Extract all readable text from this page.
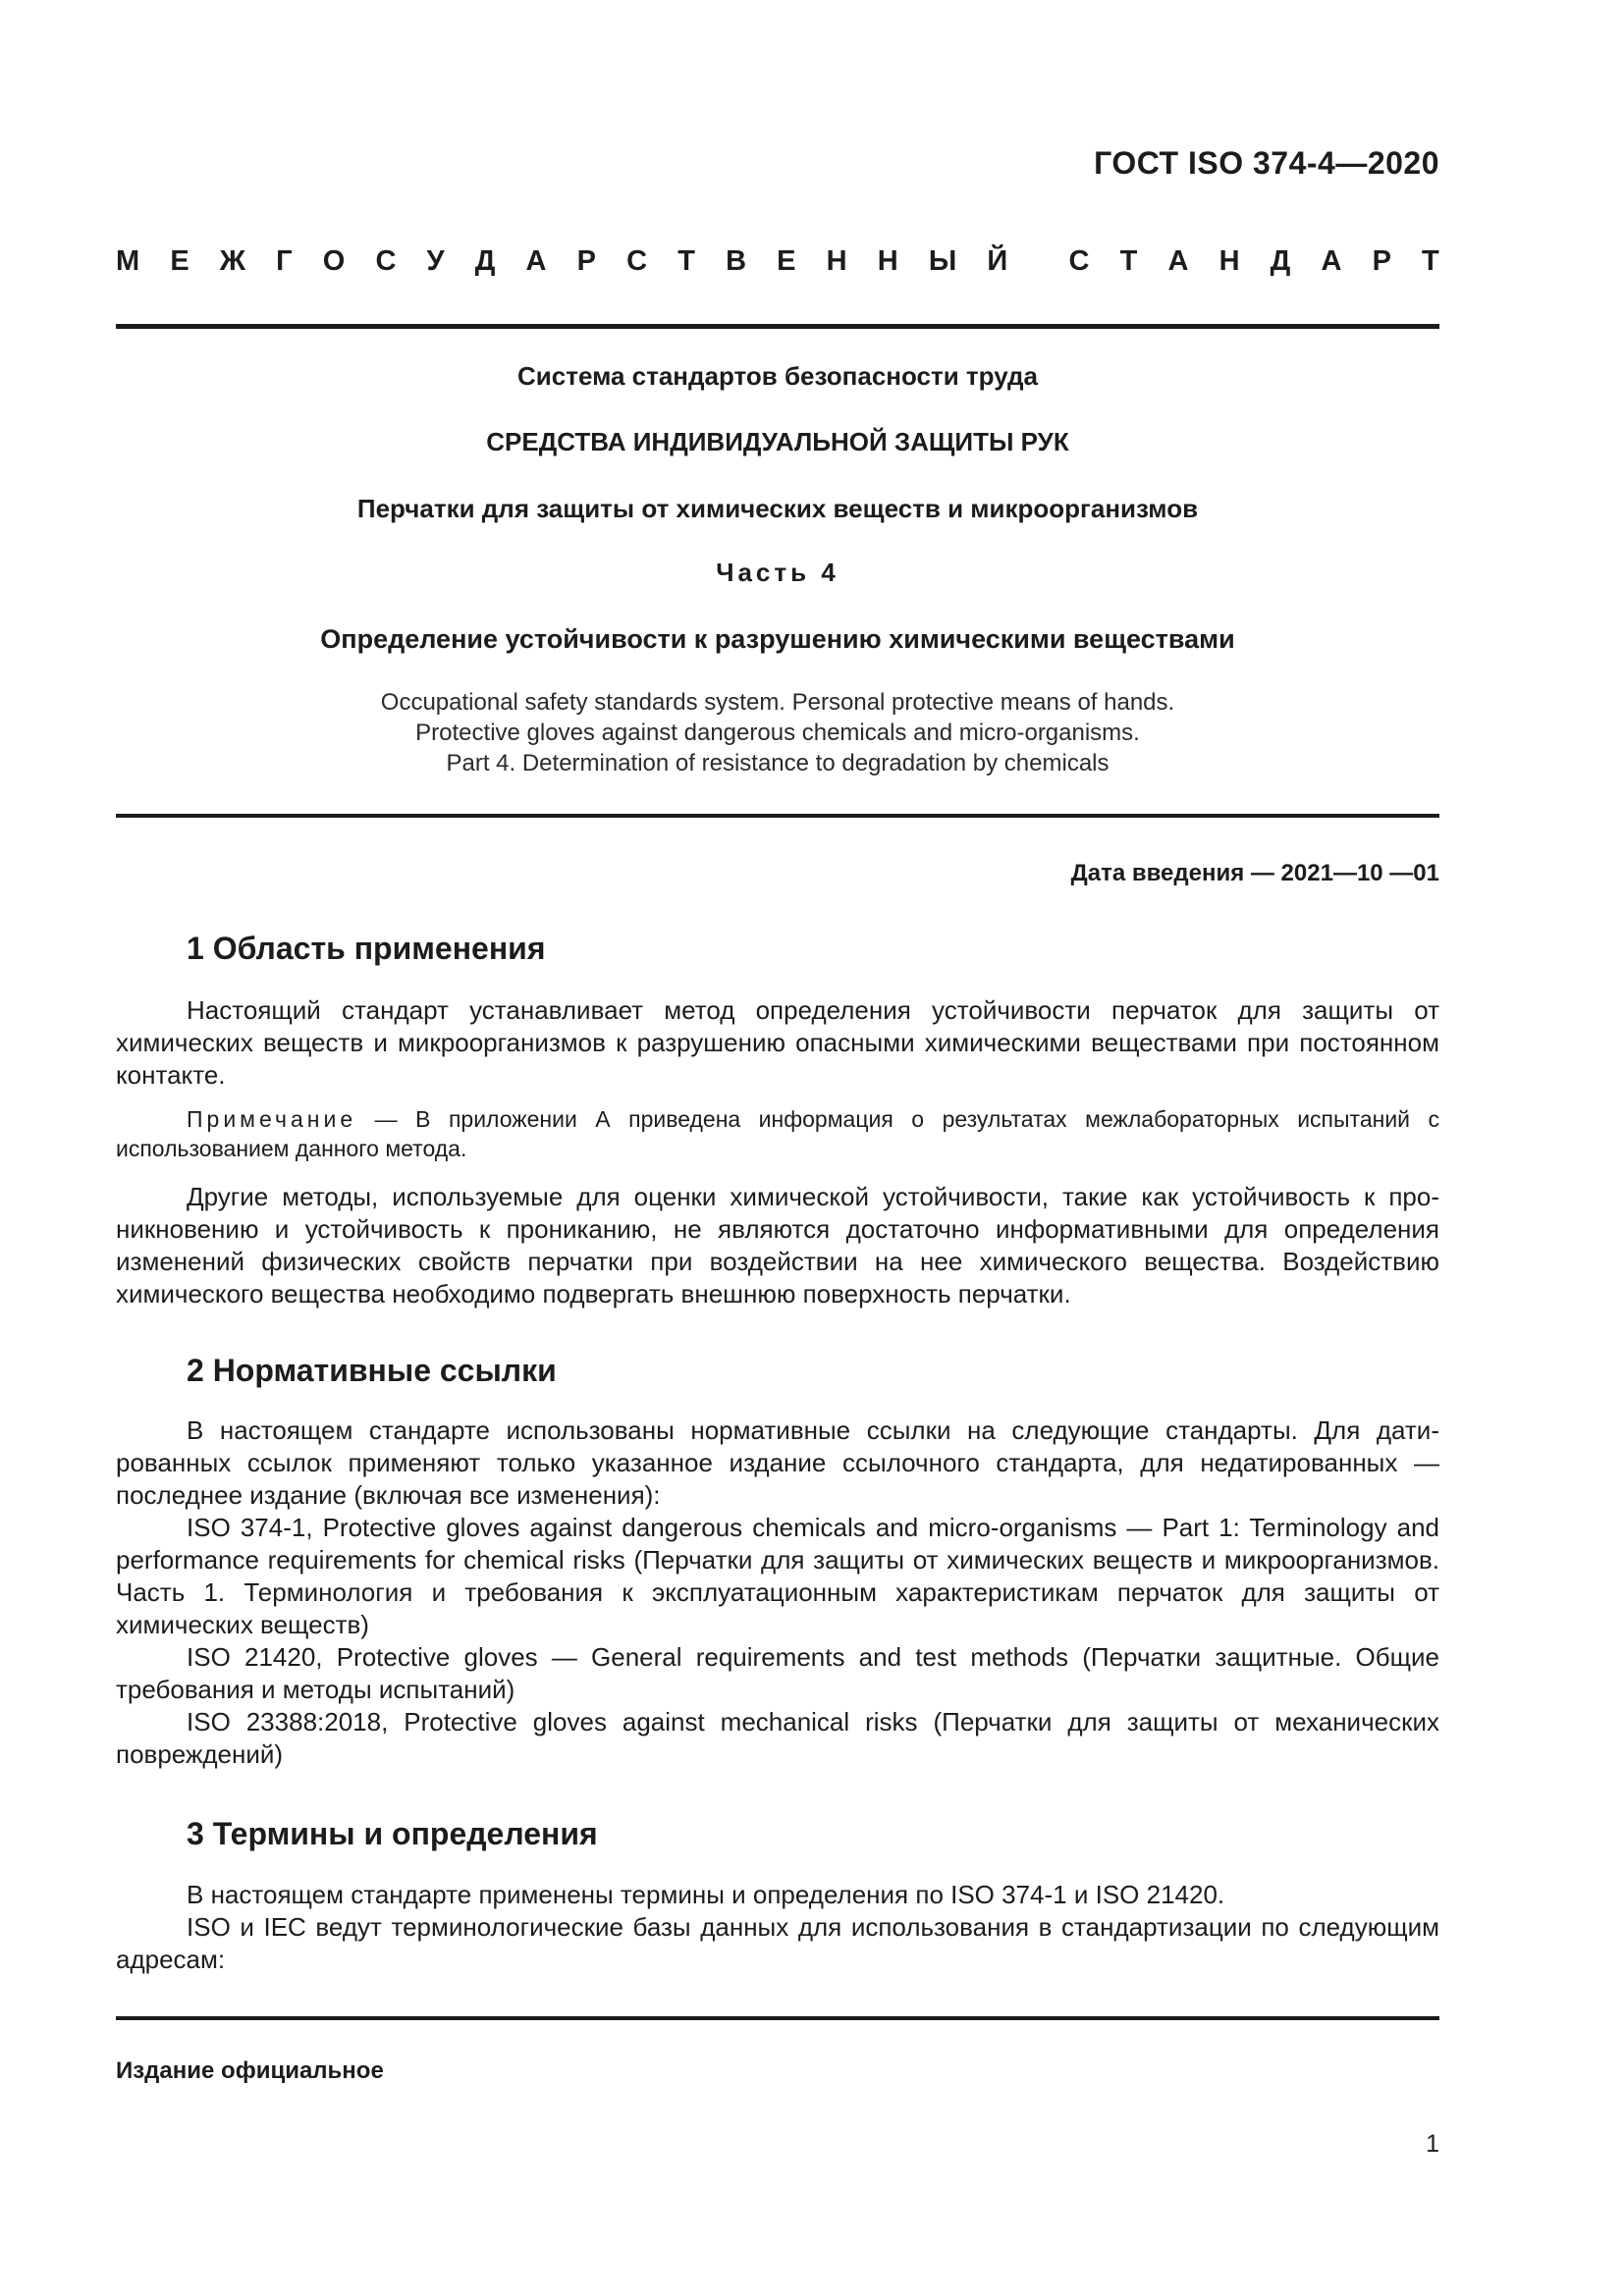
ГОСТ ISO 374-4—2020
М Е Ж Г О С У Д А Р С Т В Е Н Н Ы Й С Т А Н Д А Р Т
Система стандартов безопасности труда
СРЕДСТВА ИНДИВИДУАЛЬНОЙ ЗАЩИТЫ РУК
Перчатки для защиты от химических веществ и микроорганизмов
Часть 4
Определение устойчивости к разрушению химическими веществами
Occupational safety standards system. Personal protective means of hands.
Protective gloves against dangerous chemicals and micro-organisms.
Part 4. Determination of resistance to degradation by chemicals
Дата введения — 2021—10 —01
1 Область применения
Настоящий стандарт устанавливает метод определения устойчивости перчаток для защиты от химических веществ и микроорганизмов к разрушению опасными химическими веществами при постоянном контакте.
Примечание — В приложении А приведена информация о результатах межлабораторных испытаний с использованием данного метода.
Другие методы, используемые для оценки химической устойчивости, такие как устойчивость к проникновению и устойчивость к прониканию, не являются достаточно информативными для определения изменений физических свойств перчатки при воздействии на нее химического вещества. Воздействию химического вещества необходимо подвергать внешнюю поверхность перчатки.
2 Нормативные ссылки
В настоящем стандарте использованы нормативные ссылки на следующие стандарты. Для датированных ссылок применяют только указанное издание ссылочного стандарта, для недатированных — последнее издание (включая все изменения):
ISO 374-1, Protective gloves against dangerous chemicals and micro-organisms — Part 1: Terminology and performance requirements for chemical risks (Перчатки для защиты от химических веществ и микроорганизмов. Часть 1. Терминология и требования к эксплуатационным характеристикам перчаток для защиты от химических веществ)
ISO 21420, Protective gloves — General requirements and test methods (Перчатки защитные. Общие требования и методы испытаний)
ISO 23388:2018, Protective gloves against mechanical risks (Перчатки для защиты от механических повреждений)
3 Термины и определения
В настоящем стандарте применены термины и определения по ISO 374-1 и ISO 21420.
ISO и IEC ведут терминологические базы данных для использования в стандартизации по следующим адресам:
Издание официальное
1
